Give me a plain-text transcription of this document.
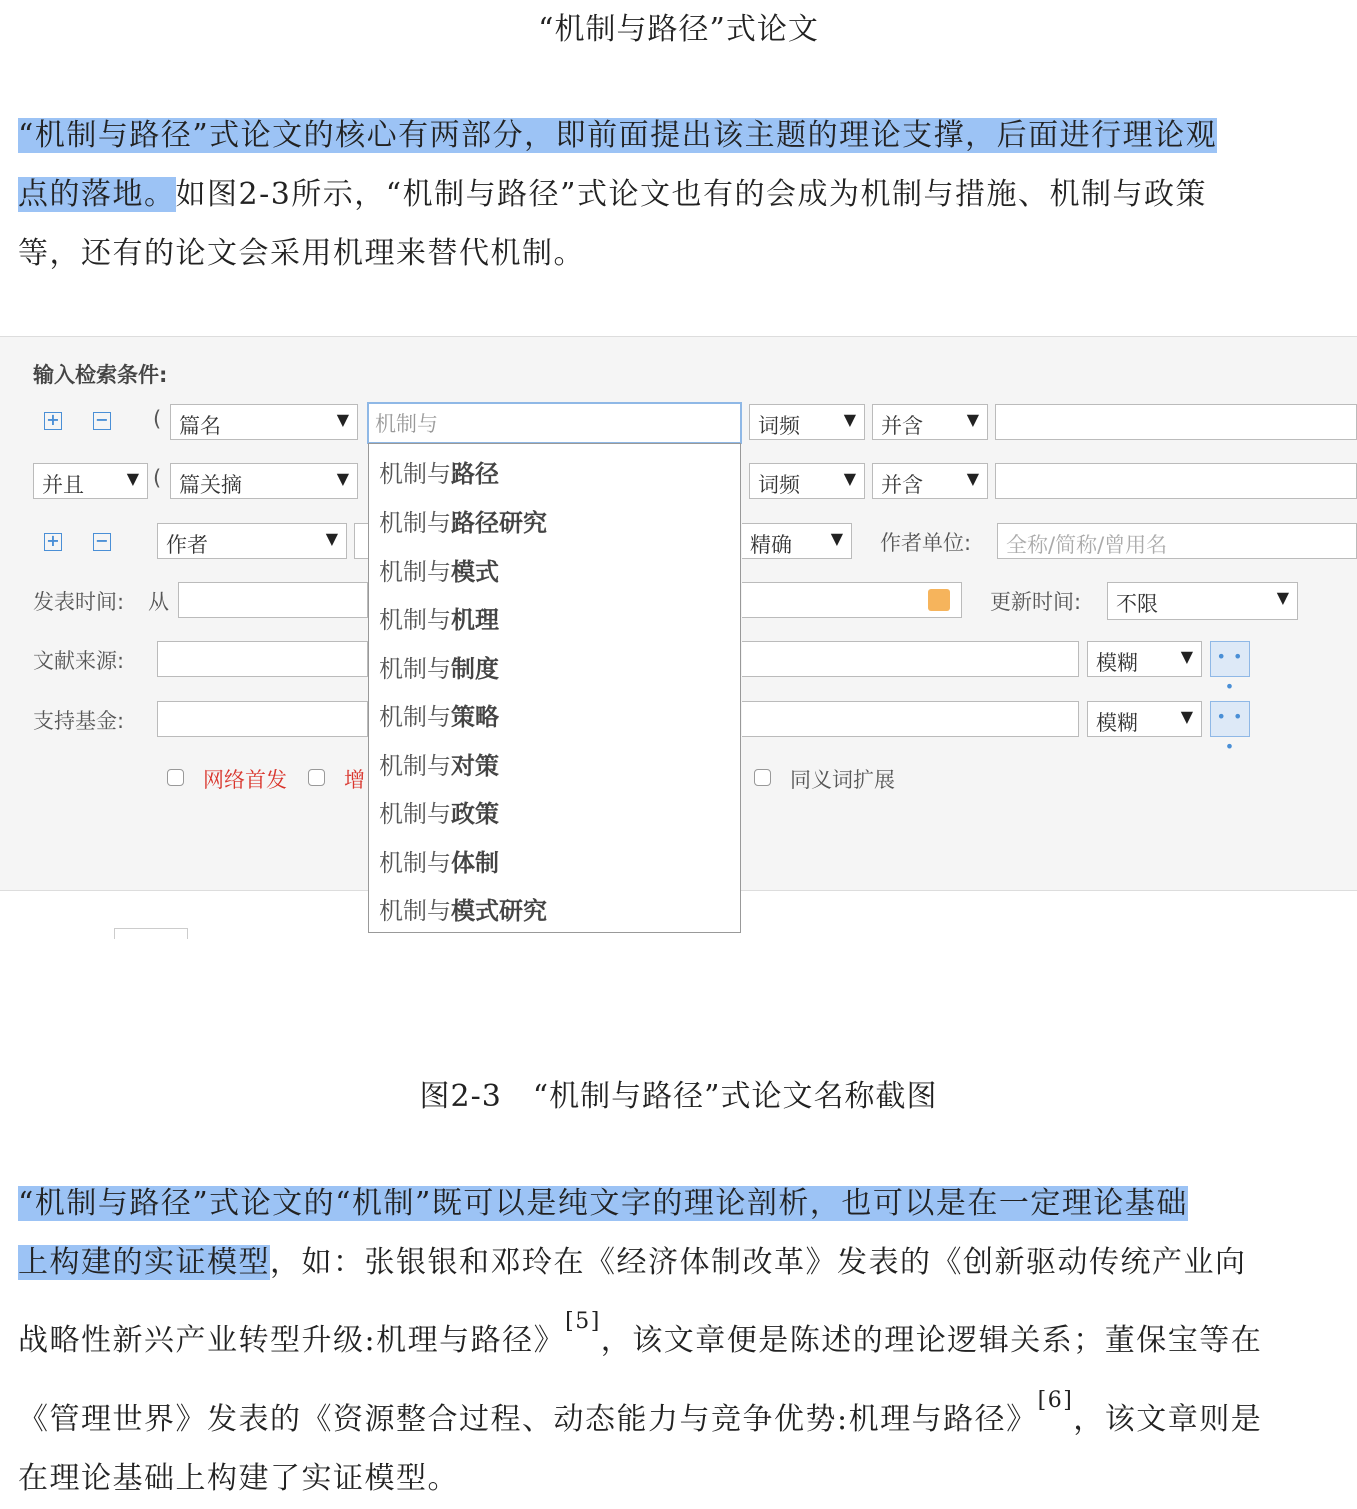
“机制与路径”式论文
“机制与路径”式论文的核心有两部分，即前面提出该主题的理论支撑，后面进行理论观
点的落地。如图2-3所示，“机制与路径”式论文也有的会成为机制与措施、机制与政策
等，还有的论文会采用机理来替代机制。
输入检索条件:
+ − ( 篇名	▼	词频	▼	并含	▼
并且	▼ ( 篇关摘	▼	词频	▼	并含	▼
+ −	作者	▼	精确 ▼ 作者单位:	全称/简称/曾用名
发表时间: 从	更新时间:	不限	▼
文献来源:	模糊	▼	• • •
支持基金:	模糊	▼	• • •
网络首发	增	同义词扩展
机制与
机制与路径
机制与路径研究
机制与模式
机制与机理
机制与制度
机制与策略
机制与对策
机制与政策
机制与体制
机制与模式研究
图2-3　“机制与路径”式论文名称截图
“机制与路径”式论文的“机制”既可以是纯文字的理论剖析，也可以是在一定理论基础
上构建的实证模型，如：张银银和邓玲在《经济体制改革》发表的《创新驱动传统产业向
战略性新兴产业转型升级:机理与路径》[5]，该文章便是陈述的理论逻辑关系；董保宝等在
《管理世界》发表的《资源整合过程、动态能力与竞争优势:机理与路径》[6]，该文章则是
在理论基础上构建了实证模型。
